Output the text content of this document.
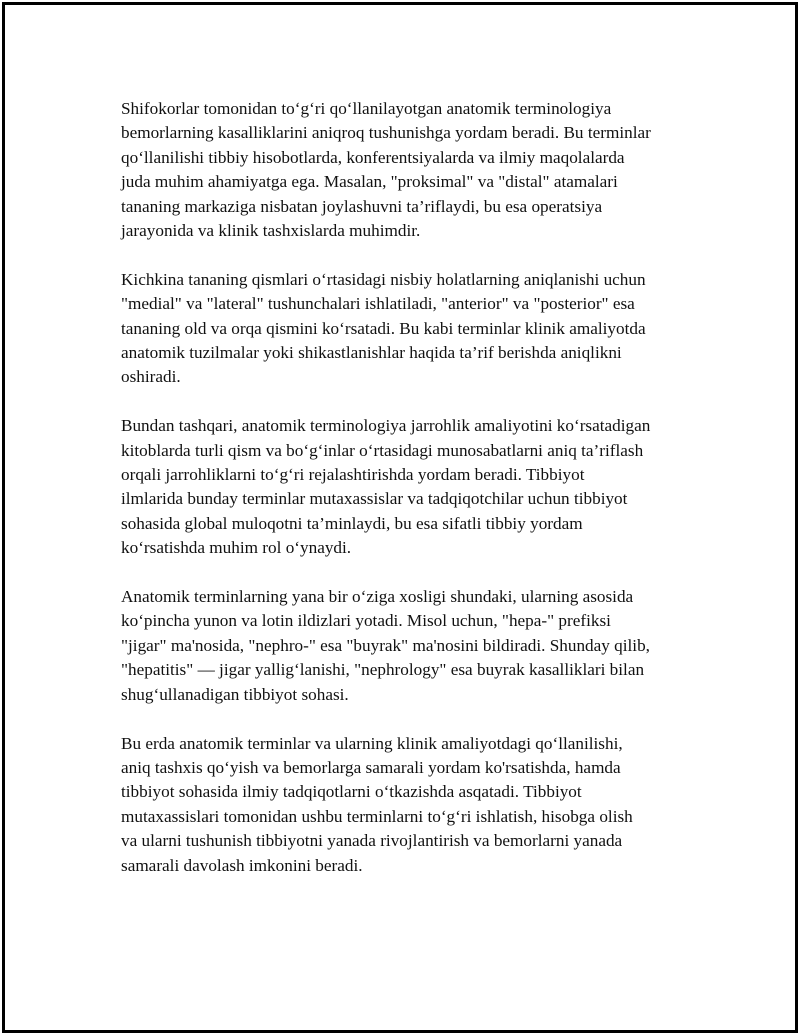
Shifokorlar tomonidan to‘g‘ri qo‘llanilayotgan anatomik terminologiya
bemorlarning kasalliklarini aniqroq tushunishga yordam beradi. Bu terminlar
qo‘llanilishi tibbiy hisobotlarda, konferentsiyalarda va ilmiy maqolalarda
juda muhim ahamiyatga ega. Masalan, "proksimal" va "distal" atamalari
tananing markaziga nisbatan joylashuvni ta’riflaydi, bu esa operatsiya
jarayonida va klinik tashxislarda muhimdir.

Kichkina tananing qismlari o‘rtasidagi nisbiy holatlarning aniqlanishi uchun
"medial" va "lateral" tushunchalari ishlatiladi, "anterior" va "posterior" esa
tananing old va orqa qismini ko‘rsatadi. Bu kabi terminlar klinik amaliyotda
anatomik tuzilmalar yoki shikastlanishlar haqida ta’rif berishda aniqlikni
oshiradi.

Bundan tashqari, anatomik terminologiya jarrohlik amaliyotini ko‘rsatadigan
kitoblarda turli qism va bo‘g‘inlar o‘rtasidagi munosabatlarni aniq ta’riflash
orqali jarrohliklarni to‘g‘ri rejalashtirishda yordam beradi. Tibbiyot
ilmlarida bunday terminlar mutaxassislar va tadqiqotchilar uchun tibbiyot
sohasida global muloqotni ta’minlaydi, bu esa sifatli tibbiy yordam
ko‘rsatishda muhim rol o‘ynaydi.

Anatomik terminlarning yana bir o‘ziga xosligi shundaki, ularning asosida
ko‘pincha yunon va lotin ildizlari yotadi. Misol uchun, "hepa-" prefiksi
"jigar" ma'nosida, "nephro-" esa "buyrak" ma'nosini bildiradi. Shunday qilib,
"hepatitis" — jigar yallig‘lanishi, "nephrology" esa buyrak kasalliklari bilan
shug‘ullanadigan tibbiyot sohasi.

Bu erda anatomik terminlar va ularning klinik amaliyotdagi qo‘llanilishi,
aniq tashxis qo‘yish va bemorlarga samarali yordam ko'rsatishda, hamda
tibbiyot sohasida ilmiy tadqiqotlarni o‘tkazishda asqatadi. Tibbiyot
mutaxassislari tomonidan ushbu terminlarni to‘g‘ri ishlatish, hisobga olish
va ularni tushunish tibbiyotni yanada rivojlantirish va bemorlarni yanada
samarali davolash imkonini beradi.
